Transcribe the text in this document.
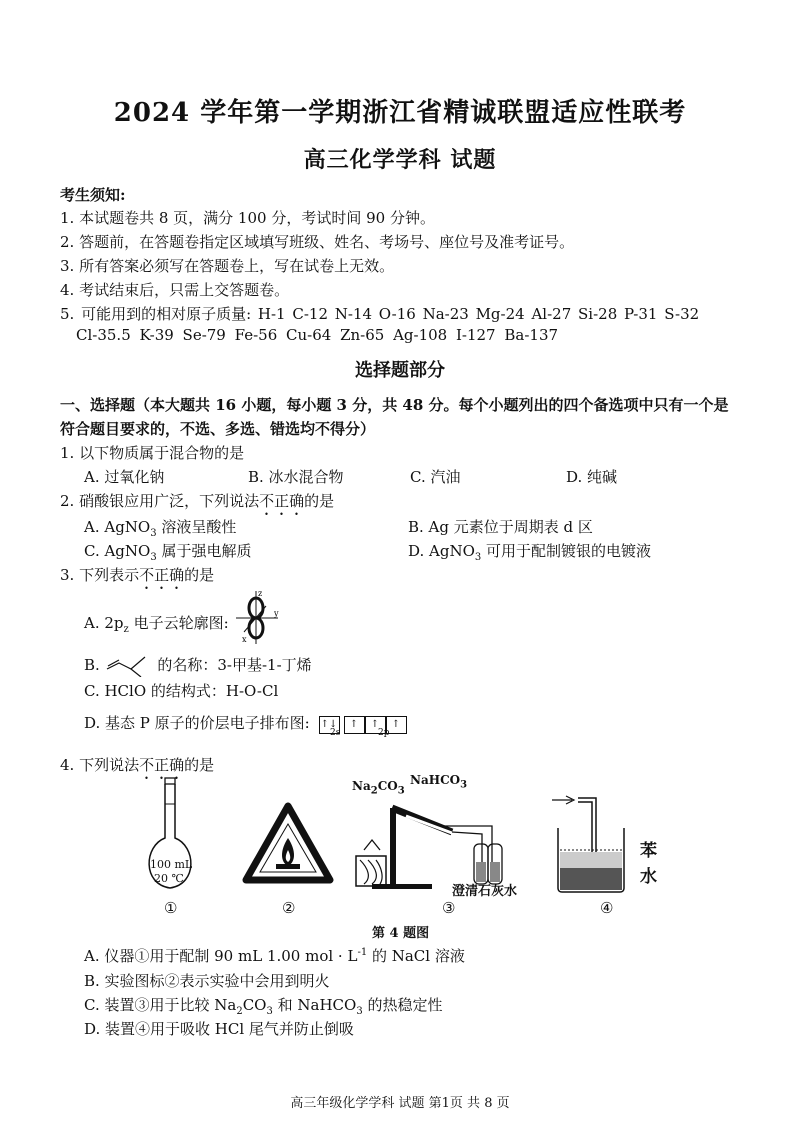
2024 学年第一学期浙江省精诚联盟适应性联考
高三化学学科 试题
考生须知:
1. 本试题卷共 8 页，满分 100 分，考试时间 90 分钟。
2. 答题前，在答题卷指定区域填写班级、姓名、考场号、座位号及准考证号。
3. 所有答案必须写在答题卷上，写在试卷上无效。
4. 考试结束后，只需上交答题卷。
5. 可能用到的相对原子质量: H-1 C-12 N-14 O-16 Na-23 Mg-24 Al-27 Si-28 P-31 S-32
Cl-35.5 K-39 Se-79 Fe-56 Cu-64 Zn-65 Ag-108 I-127 Ba-137
选择题部分
一、选择题（本大题共 16 小题，每小题 3 分，共 48 分。每个小题列出的四个备选项中只有一个是
符合题目要求的，不选、多选、错选均不得分）
1. 以下物质属于混合物的是
A. 过氧化钠	B. 冰水混合物	C. 汽油	D. 纯碱
2. 硝酸银应用广泛，下列说法不正确的是
A. AgNO$_3$ 溶液呈酸性	B. Ag 元素位于周期表 d 区
C. AgNO$_3$ 属于强电解质	D. AgNO$_3$ 可用于配制镀银的电镀液
3. 下列表示不正确的是
A. $2p_z$ 电子云轮廓图:
z
y
x
B.	的名称：3-甲基-1-丁烯
C. HClO 的结构式：H-O-Cl
D. 基态 P 原子的价层电子排布图: ↑↓ ↑ ↑ ↑
2s	2p
4. 下列说法不正确的是
100 mL
20 ℃
$Na_2CO_3$
NaHCO$_3$
澄清石灰水
苯
水
①	②	③	④
第 4 题图
A. 仪器①用于配制 90 mL 1.00 mol · $L^{-1}$ 的 NaCl 溶液
B. 实验图标②表示实验中会用到明火
C. 装置③用于比较 $Na_2CO_3$ 和 NaHCO$_3$ 的热稳定性
D. 装置④用于吸收 HCl 尾气并防止倒吸
高三年级化学学科 试题 第1页 共 8 页
